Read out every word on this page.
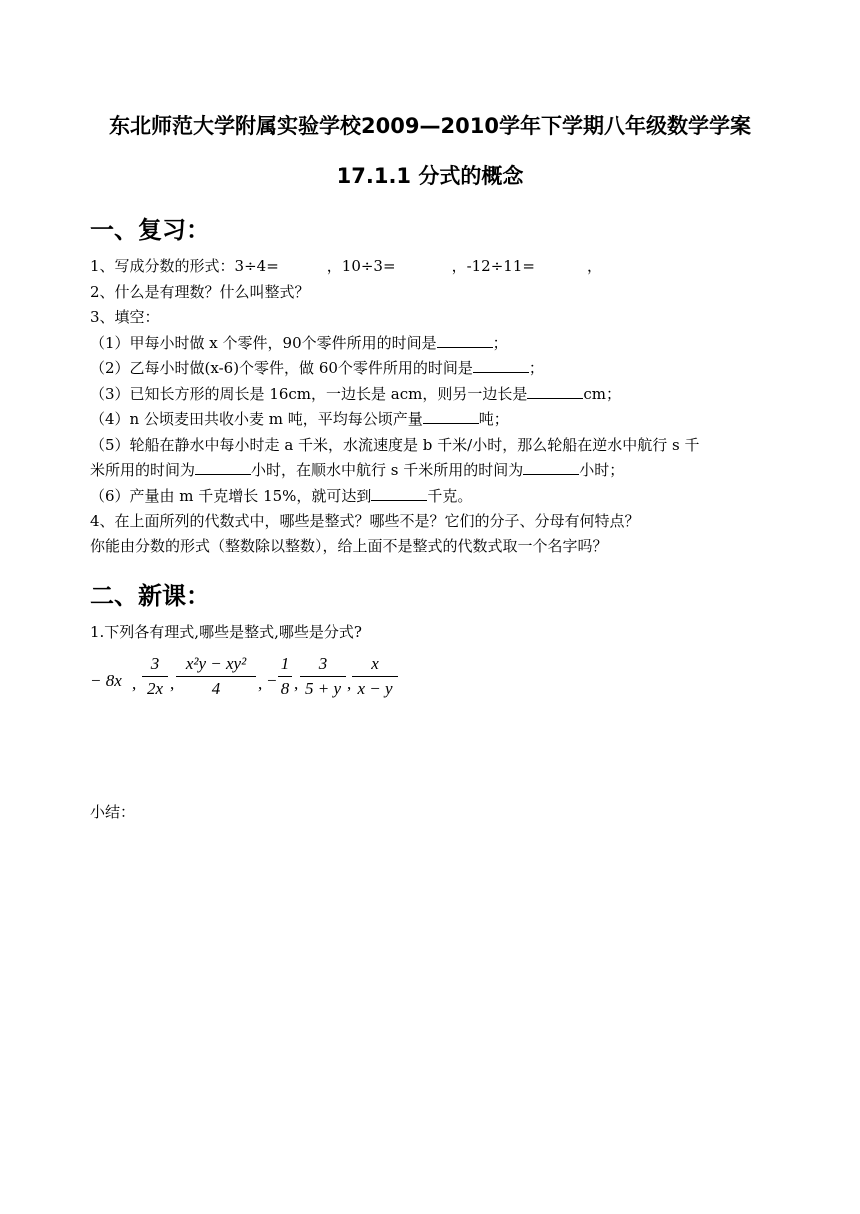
东北师范大学附属实验学校2009—2010学年下学期八年级数学学案
17.1.1 分式的概念
一、复习：
1、写成分数的形式：3÷4=	，10÷3=	，-12÷11=	，
2、什么是有理数？什么叫整式？
3、填空：
（1）甲每小时做 x 个零件，90个零件所用的时间是	；
（2）乙每小时做(x-6)个零件，做 60个零件所用的时间是	；
（3）已知长方形的周长是 16cm，一边长是 acm，则另一边长是	cm；
（4）n 公顷麦田共收小麦 m 吨，平均每公顷产量	吨；
（5）轮船在静水中每小时走 a 千米，水流速度是 b 千米/小时，那么轮船在逆水中航行 s 千
米所用的时间为	小时，在顺水中航行 s 千米所用的时间为	小时；
（6）产量由 m 千克增长 15%，就可达到	千克。
4、在上面所列的代数式中，哪些是整式？哪些不是？它们的分子、分母有何特点？
你能由分数的形式（整数除以整数），给上面不是整式的代数式取一个名字吗？
二、新课：
1.下列各有理式,哪些是整式,哪些是分式?
− 8x ,
3
2x ,
x²y − xy²
4	, −
1
8 ,
3
5 + y ,
x
x − y
小结：
